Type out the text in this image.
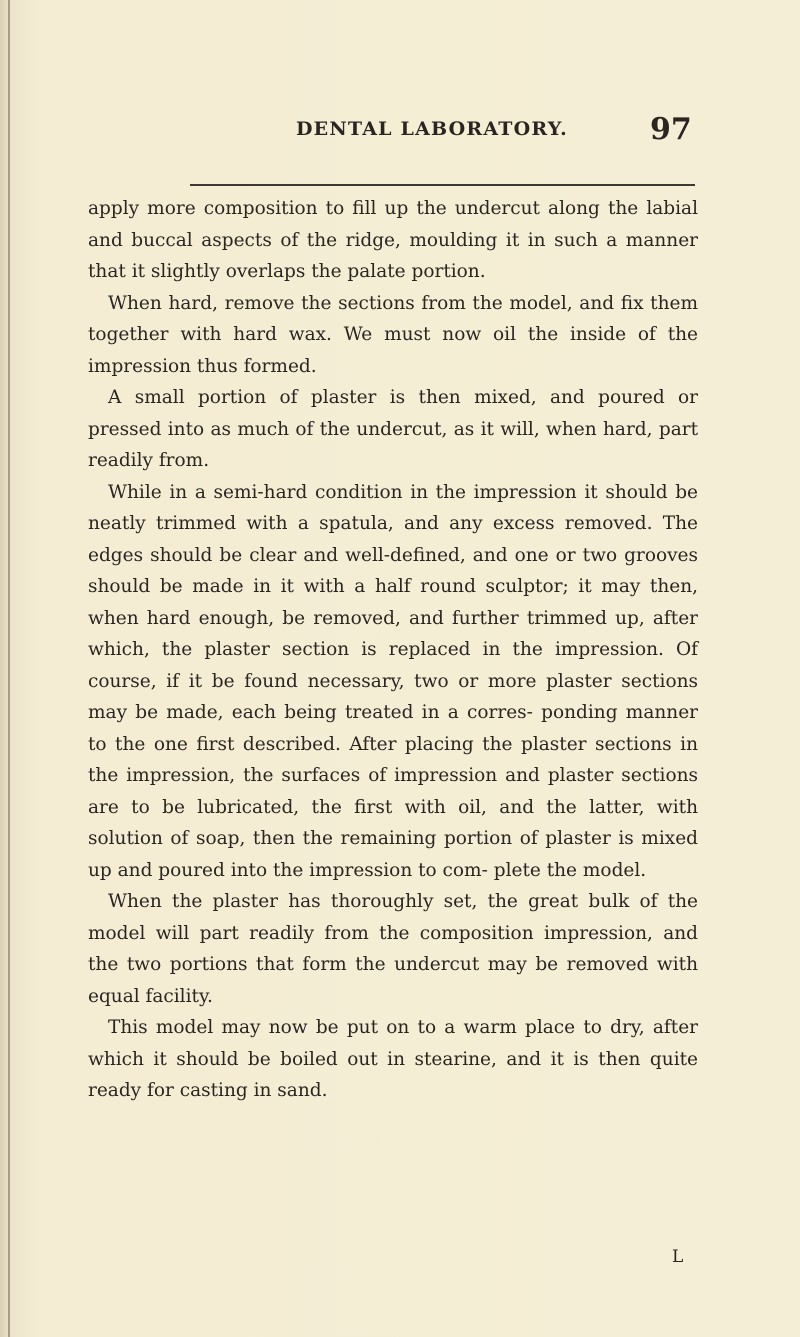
DENTAL LABORATORY.	97

apply more composition to fill up the undercut along the labial and buccal aspects of the ridge, moulding it in such a manner that it slightly overlaps the palate portion.

When hard, remove the sections from the model, and fix them together with hard wax. We must now oil the inside of the impression thus formed.

A small portion of plaster is then mixed, and poured or pressed into as much of the undercut, as it will, when hard, part readily from.

While in a semi-hard condition in the impression it should be neatly trimmed with a spatula, and any excess removed. The edges should be clear and well-defined, and one or two grooves should be made in it with a half round sculptor; it may then, when hard enough, be removed, and further trimmed up, after which, the plaster section is replaced in the impression. Of course, if it be found necessary, two or more plaster sections may be made, each being treated in a corres- ponding manner to the one first described. After placing the plaster sections in the impression, the surfaces of impression and plaster sections are to be lubricated, the first with oil, and the latter, with solution of soap, then the remaining portion of plaster is mixed up and poured into the impression to com- plete the model.

When the plaster has thoroughly set, the great bulk of the model will part readily from the composition impression, and the two portions that form the undercut may be removed with equal facility.

This model may now be put on to a warm place to dry, after which it should be boiled out in stearine, and it is then quite ready for casting in sand.

L
